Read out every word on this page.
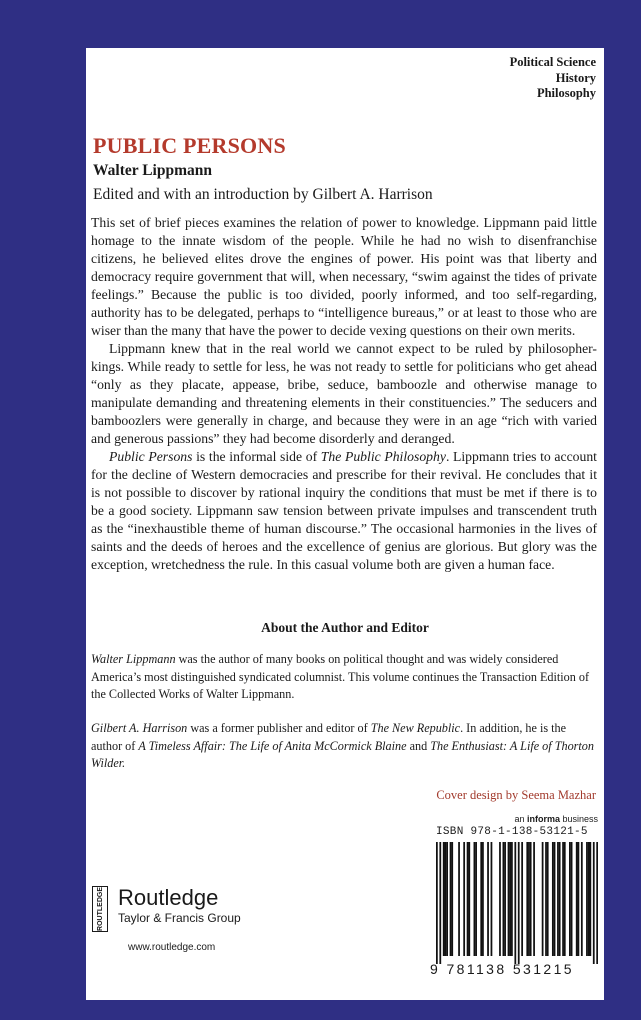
Political Science
History
Philosophy
PUBLIC PERSONS
Walter Lippmann
Edited and with an introduction by Gilbert A. Harrison

This set of brief pieces examines the relation of power to knowledge. Lippmann paid little homage to the innate wisdom of the people. While he had no wish to disenfranchise citizens, he believed elites drove the engines of power. His point was that liberty and democracy require government that will, when necessary, “swim against the tides of private feelings.” Because the public is too divided, poorly informed, and too self-regarding, authority has to be delegated, perhaps to “intelligence bureaus,” or at least to those who are wiser than the many that have the power to decide vexing questions on their own merits.

Lippmann knew that in the real world we cannot expect to be ruled by philosopher-kings. While ready to settle for less, he was not ready to settle for politicians who get ahead “only as they placate, appease, bribe, seduce, bamboozle and otherwise manage to manipulate demanding and threatening elements in their constituencies.” The seducers and bamboozlers were generally in charge, and because they were in an age “rich with varied and generous passions” they had become disorderly and deranged.

Public Persons is the informal side of The Public Philosophy. Lippmann tries to account for the decline of Western democracies and prescribe for their revival. He concludes that it is not possible to discover by rational inquiry the conditions that must be met if there is to be a good society. Lippmann saw tension between private impulses and transcendent truth as the “inexhaustible theme of human discourse.” The occasional harmonies in the lives of saints and the deeds of heroes and the excellence of genius are glorious. But glory was the exception, wretchedness the rule. In this casual volume both are given a human face.

About the Author and Editor
Walter Lippmann was the author of many books on political thought and was widely considered America’s most distinguished syndicated columnist. This volume continues the Transaction Edition of the Collected Works of Walter Lippmann.
Gilbert A. Harrison was a former publisher and editor of The New Republic. In addition, he is the author of A Timeless Affair: The Life of Anita McCormick Blaine and The Enthusiast: A Life of Thorton Wilder.
Cover design by Seema Mazhar
ROUTLEDGE Routledge
Taylor & Francis Group
www.routledge.com
an informa business
ISBN 978-1-138-53121-5
9 781138 531215
